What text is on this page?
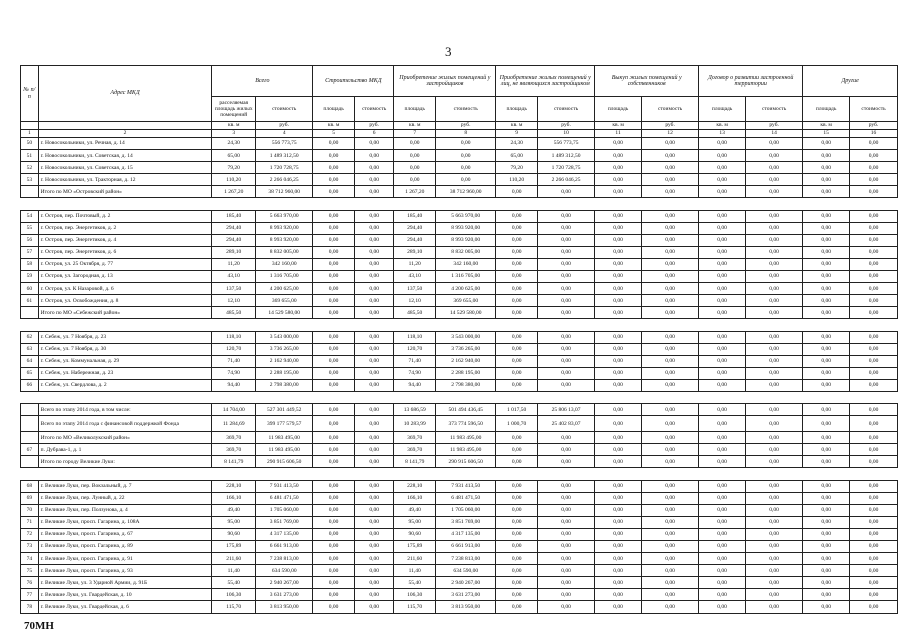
3
№ п/п	Адрес МКД	Всего		Строительство МКД		Приобретение жилых помещений у застройщиков		Приобретение жилых помещений у лиц, не являющихся застройщиком		Выкуп жилых помещений у собственников		Договор о развитии застроенной территории		Другие	
		расселяемая площадь жилых помещений	стоимость	площадь	стоимость	площадь	стоимость	площадь	стоимость	площадь	стоимость	площадь	стоимость	площадь	стоимость
		кв. м	руб.	кв. м	руб.	кв. м	руб.	кв. м	руб.	кв. м	руб.	кв. м	руб.	кв. м	руб.
1	2	3	4	5	6	7	8	9	10	11	12	13	14	15	16
50	г. Новосокольники, ул. Речная, д. 14	24,30	556 773,75	0,00	0,00	0,00	0,00	24,30	556 773,75	0,00	0,00	0,00	0,00	0,00	0,00
51	г. Новосокольники, ул. Советская, д. 14	65,00	1 489 312,50	0,00	0,00	0,00	0,00	65,00	1 489 312,50	0,00	0,00	0,00	0,00	0,00	0,00
52	г. Новосокольники, ул. Советская, д. 15	79,20	1 720 728,75	0,00	0,00	0,00	0,00	79,20	1 720 728,75	0,00	0,00	0,00	0,00	0,00	0,00
53	г. Новосокольники, ул. Тракторная, д. 12	110,20	2 266 046,25	0,00	0,00	0,00	0,00	110,20	2 266 046,25	0,00	0,00	0,00	0,00	0,00	0,00
	Итого по МО «Островский район»	1 267,20	38 712 960,00	0,00	0,00	1 267,20	38 712 960,00	0,00	0,00	0,00	0,00	0,00	0,00	0,00	0,00

54	г. Остров, пер. Почтовый, д. 2	185,40	5 663 970,00	0,00	0,00	185,40	5 663 970,00	0,00	0,00	0,00	0,00	0,00	0,00	0,00	0,00
55	г. Остров, пер. Энергетиков, д. 2	294,40	8 993 920,00	0,00	0,00	294,40	8 993 920,00	0,00	0,00	0,00	0,00	0,00	0,00	0,00	0,00
56	г. Остров, пер. Энергетиков, д. 4	294,40	8 993 920,00	0,00	0,00	294,40	8 993 920,00	0,00	0,00	0,00	0,00	0,00	0,00	0,00	0,00
57	г. Остров, пер. Энергетиков, д. 6	289,10	8 832 005,00	0,00	0,00	289,10	8 832 005,00	0,00	0,00	0,00	0,00	0,00	0,00	0,00	0,00
58	г. Остров, ул. 25 Октября, д. 77	11,20	342 160,00	0,00	0,00	11,20	342 160,00	0,00	0,00	0,00	0,00	0,00	0,00	0,00	0,00
59	г. Остров, ул. Загородная, д. 13	43,10	1 316 705,00	0,00	0,00	43,10	1 316 705,00	0,00	0,00	0,00	0,00	0,00	0,00	0,00	0,00
60	г. Остров, ул. К Назаровой, д. 6	137,50	4 200 625,00	0,00	0,00	137,50	4 200 625,00	0,00	0,00	0,00	0,00	0,00	0,00	0,00	0,00
61	г. Остров, ул. Освобождения, д. 8	12,10	369 655,00	0,00	0,00	12,10	369 655,00	0,00	0,00	0,00	0,00	0,00	0,00	0,00	0,00
	Итого по МО «Себежский район»	485,50	14 529 580,00	0,00	0,00	485,50	14 529 580,00	0,00	0,00	0,00	0,00	0,00	0,00	0,00	0,00

62	г. Себеж, ул. 7 Ноября, д. 23	118,10	3 543 000,00	0,00	0,00	118,10	3 543 000,00	0,00	0,00	0,00	0,00	0,00	0,00	0,00	0,00
63	г. Себеж, ул. 7 Ноября, д. 30	120,70	3 736 265,00	0,00	0,00	120,70	3 736 265,00	0,00	0,00	0,00	0,00	0,00	0,00	0,00	0,00
64	г. Себеж, ул. Коммунальная, д. 29	71,40	2 162 940,00	0,00	0,00	71,40	2 162 940,00	0,00	0,00	0,00	0,00	0,00	0,00	0,00	0,00
65	г. Себеж, ул. Набережная, д. 23	74,90	2 288 195,00	0,00	0,00	74,90	2 288 195,00	0,00	0,00	0,00	0,00	0,00	0,00	0,00	0,00
66	г. Себеж, ул. Свердлова, д. 2	94,40	2 798 380,00	0,00	0,00	94,40	2 798 380,00	0,00	0,00	0,00	0,00	0,00	0,00	0,00	0,00

	Всего по этапу 2014 года, в том числе:	14 704,00	527 301 449,52	0,00	0,00	13 686,59	501 494 436,45	1 017,50	25 806 13,07	0,00	0,00	0,00	0,00	0,00	0,00
	Всего по этапу 2014 года с финансовой поддержкой Фонда	11 284,69	399 177 579,57	0,00	0,00	10 283,99	373 774 596,50	1 000,70	25 402 83,07	0,00	0,00	0,00	0,00	0,00	0,00
	Итого по МО «Великолукский район»	369,70	11 983 495,00	0,00	0,00	369,70	11 983 495,00	0,00	0,00	0,00	0,00	0,00	0,00	0,00	0,00
67	п. Дубрава-1, д. 1	369,70	11 983 495,00	0,00	0,00	369,70	11 983 495,00	0,00	0,00	0,00	0,00	0,00	0,00	0,00	0,00
	Итого по городу Великие Луки:	8 141,79	290 915 606,50	0,00	0,00	8 141,79	290 915 606,50	0,00	0,00	0,00	0,00	0,00	0,00	0,00	0,00

68	г. Великие Луки, пер. Вокзальный, д. 7	228,10	7 931 413,50	0,00	0,00	228,10	7 931 413,50	0,00	0,00	0,00	0,00	0,00	0,00	0,00	0,00
69	г. Великие Луки, пер. Лунный, д. 22	166,10	6 481 471,50	0,00	0,00	166,10	6 481 471,50	0,00	0,00	0,00	0,00	0,00	0,00	0,00	0,00
70	г. Великие Луки, пер. Ползунова, д. 4	49,40	1 705 060,00	0,00	0,00	49,40	1 705 060,00	0,00	0,00	0,00	0,00	0,00	0,00	0,00	0,00
71	г. Великие Луки, просп. Гагарина, д. 108А	95,00	3 851 769,00	0,00	0,00	95,00	3 851 769,00	0,00	0,00	0,00	0,00	0,00	0,00	0,00	0,00
72	г. Великие Луки, просп. Гагарина, д. 67	90,60	4 317 135,00	0,00	0,00	90,60	4 317 135,00	0,00	0,00	0,00	0,00	0,00	0,00	0,00	0,00
73	г. Великие Луки, просп. Гагарина, д. 89	175,89	6 661 913,00	0,00	0,00	175,89	6 661 913,00	0,00	0,00	0,00	0,00	0,00	0,00	0,00	0,00
74	г. Великие Луки, просп. Гагарина, д. 91	211,60	7 238 813,00	0,00	0,00	211,60	7 238 813,00	0,00	0,00	0,00	0,00	0,00	0,00	0,00	0,00
75	г. Великие Луки, просп. Гагарина, д. 93	11,40	634 590,00	0,00	0,00	11,40	634 590,00	0,00	0,00	0,00	0,00	0,00	0,00	0,00	0,00
76	г. Великие Луки, ул. 3 Ударной Армии, д. 91Б	55,40	2 940 267,00	0,00	0,00	55,40	2 940 267,00	0,00	0,00	0,00	0,00	0,00	0,00	0,00	0,00
77	г. Великие Луки, ул. Гвардейская, д. 10	106,30	3 631 273,00	0,00	0,00	106,30	3 631 273,00	0,00	0,00	0,00	0,00	0,00	0,00	0,00	0,00
78	г. Великие Луки, ул. Гвардейская, д. 6	115,70	3 813 950,00	0,00	0,00	115,70	3 813 950,00	0,00	0,00	0,00	0,00	0,00	0,00	0,00	0,00
70МН
